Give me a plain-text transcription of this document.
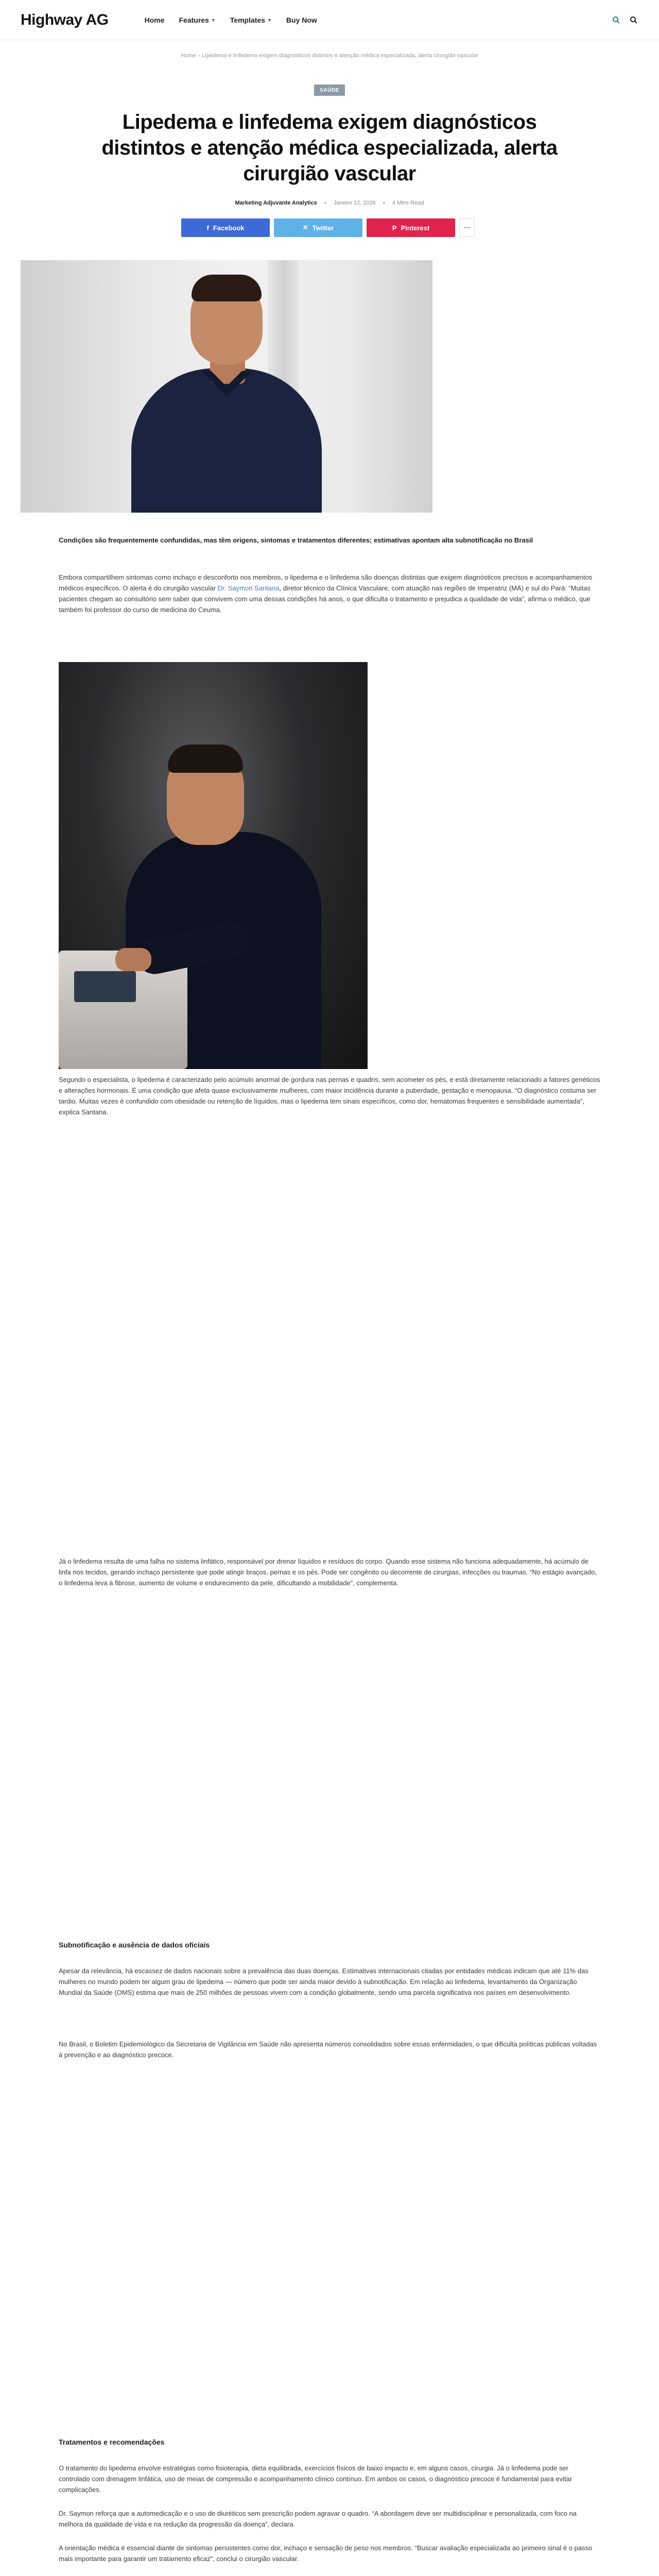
Highway AG	Home Features ▼ Templates ▼ Buy Now
Home › Lipedema e linfedema exigem diagnósticos distintos e atenção médica especializada, alerta cirurgião vascular
SAÚDE
Lipedema e linfedema exigem diagnósticos distintos e atenção médica especializada, alerta cirurgião vascular
Marketing Adjuvante Analytics	Janeiro 12, 2026	4 Mins Read
f Facebook	✕ Twitter	P Pinterest	⋯

Condições são frequentemente confundidas, mas têm origens, sintomas e tratamentos diferentes; estimativas apontam alta subnotificação no Brasil

Embora compartilhem sintomas como inchaço e desconforto nos membros, o lipedema e o linfedema são doenças distintas que exigem diagnósticos precisos e acompanhamentos médicos específicos. O alerta é do cirurgião vascular Dr. Saymon Santana, diretor técnico da Clínica Vasculare, com atuação nas regiões de Imperatriz (MA) e sul do Pará: “Muitas pacientes chegam ao consultório sem saber que convivem com uma dessas condições há anos, o que dificulta o tratamento e prejudica a qualidade de vida”, afirma o médico, que também foi professor do curso de medicina do Ceuma.

Segundo o especialista, o lipedema é caracterizado pelo acúmulo anormal de gordura nas pernas e quadris, sem acometer os pés, e está diretamente relacionado a fatores genéticos e alterações hormonais. É uma condição que afeta quase exclusivamente mulheres, com maior incidência durante a puberdade, gestação e menopausa. “O diagnóstico costuma ser tardio. Muitas vezes é confundido com obesidade ou retenção de líquidos, mas o lipedema tem sinais específicos, como dor, hematomas frequentes e sensibilidade aumentada”, explica Santana.

Já o linfedema resulta de uma falha no sistema linfático, responsável por drenar líquidos e resíduos do corpo. Quando esse sistema não funciona adequadamente, há acúmulo de linfa nos tecidos, gerando inchaço persistente que pode atingir braços, pernas e os pés. Pode ser congênito ou decorrente de cirurgias, infecções ou traumas. “No estágio avançado, o linfedema leva à fibrose, aumento de volume e endurecimento da pele, dificultando a mobilidade”, complementa.

Subnotificação e ausência de dados oficiais

Apesar da relevância, há escassez de dados nacionais sobre a prevalência das duas doenças. Estimativas internacionais citadas por entidades médicas indicam que até 11% das mulheres no mundo podem ter algum grau de lipedema — número que pode ser ainda maior devido à subnotificação. Em relação ao linfedema, levantamento da Organização Mundial da Saúde (OMS) estima que mais de 250 milhões de pessoas vivem com a condição globalmente, sendo uma parcela significativa nos países em desenvolvimento.

No Brasil, o Boletim Epidemiológico da Secretaria de Vigilância em Saúde não apresenta números consolidados sobre essas enfermidades, o que dificulta políticas públicas voltadas à prevenção e ao diagnóstico precoce.

Tratamentos e recomendações

O tratamento do lipedema envolve estratégias como fisioterapia, dieta equilibrada, exercícios físicos de baixo impacto e, em alguns casos, cirurgia. Já o linfedema pode ser controlado com drenagem linfática, uso de meias de compressão e acompanhamento clínico contínuo. Em ambos os casos, o diagnóstico precoce é fundamental para evitar complicações.

Dr. Saymon reforça que a automedicação e o uso de diuréticos sem prescrição podem agravar o quadro. “A abordagem deve ser multidisciplinar e personalizada, com foco na melhora da qualidade de vida e na redução da progressão da doença”, declara.

A orientação médica é essencial diante de sintomas persistentes como dor, inchaço e sensação de peso nos membros. “Buscar avaliação especializada ao primeiro sinal é o passo mais importante para garantir um tratamento eficaz”, conclui o cirurgião vascular.
